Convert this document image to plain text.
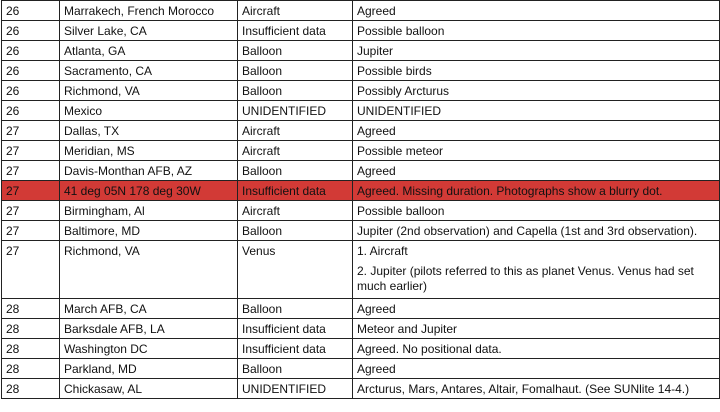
26	Marrakech, French Morocco	Aircraft	Agreed
26	Silver Lake, CA	Insufficient data	Possible balloon
26	Atlanta, GA	Balloon	Jupiter
26	Sacramento, CA	Balloon	Possible birds
26	Richmond, VA	Balloon	Possibly Arcturus
26	Mexico	UNIDENTIFIED	UNIDENTIFIED
27	Dallas, TX	Aircraft	Agreed
27	Meridian, MS	Aircraft	Possible meteor
27	Davis-Monthan AFB, AZ	Balloon	Agreed
27	41 deg 05N 178 deg 30W	Insufficient data	Agreed. Missing duration. Photographs show a blurry dot.
27	Birmingham, Al	Aircraft	Possible balloon
27	Baltimore, MD	Balloon	Jupiter (2nd observation) and Capella (1st and 3rd observation).
27	Richmond, VA	Venus	1. Aircraft
2. Jupiter (pilots referred to this as planet Venus. Venus had set much earlier)

28	March AFB, CA	Balloon	Agreed
28	Barksdale AFB, LA	Insufficient data	Meteor and Jupiter
28	Washington DC	Insufficient data	Agreed. No positional data.
28	Parkland, MD	Balloon	Agreed
28	Chickasaw, AL	UNIDENTIFIED	Arcturus, Mars, Antares, Altair, Fomalhaut. (See SUNlite 14-4.)
